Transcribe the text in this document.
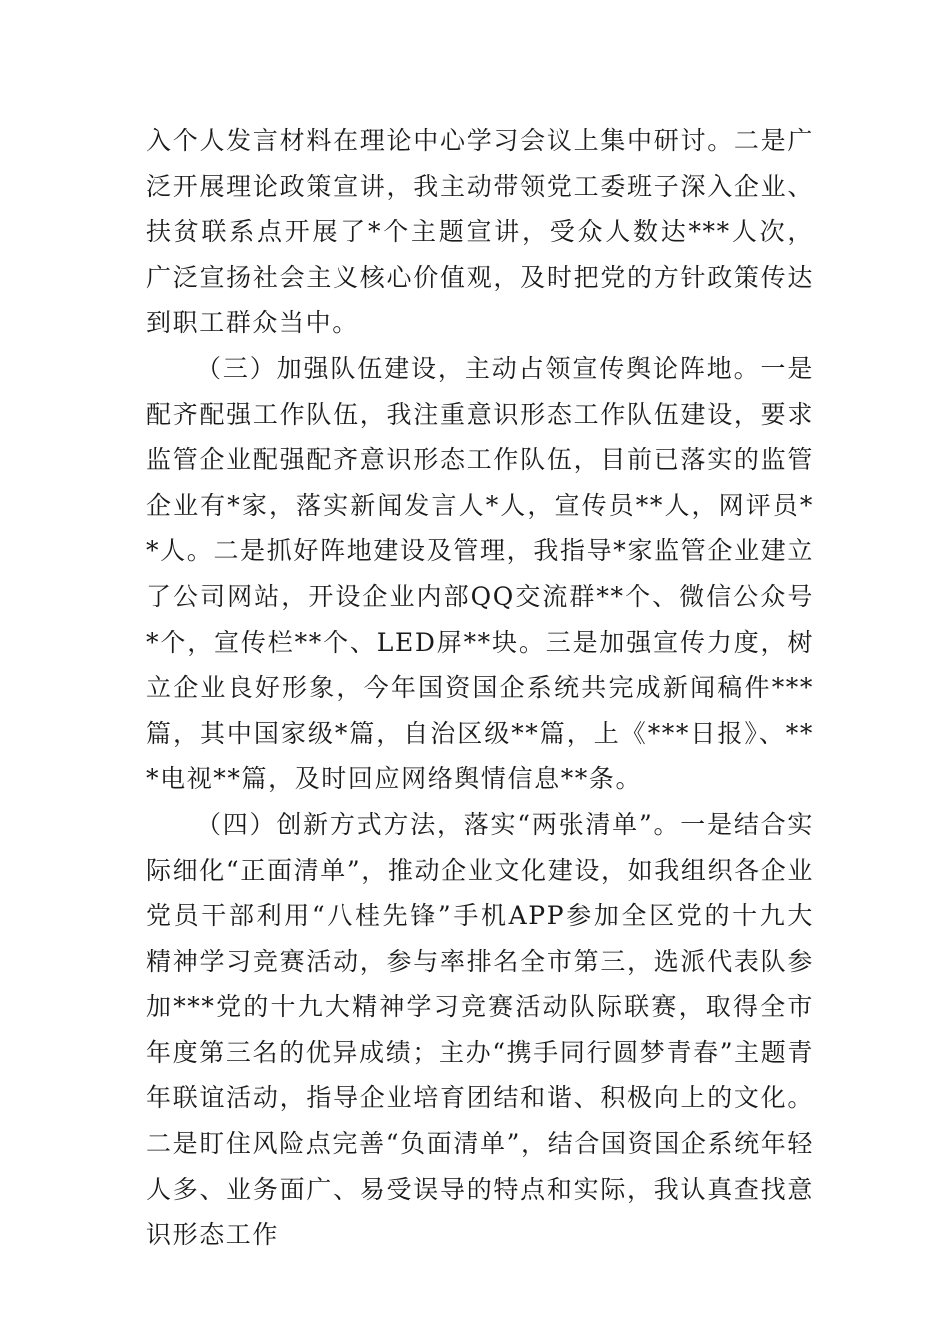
入个人发言材料在理论中心学习会议上集中研讨。二是广泛开展理论政策宣讲，我主动带领党工委班子深入企业、扶贫联系点开展了*个主题宣讲，受众人数达***人次，广泛宣扬社会主义核心价值观，及时把党的方针政策传达到职工群众当中。

（三）加强队伍建设，主动占领宣传舆论阵地。一是配齐配强工作队伍，我注重意识形态工作队伍建设，要求监管企业配强配齐意识形态工作队伍，目前已落实的监管企业有*家，落实新闻发言人*人，宣传员**人，网评员**人。二是抓好阵地建设及管理，我指导*家监管企业建立了公司网站，开设企业内部QQ交流群**个、微信公众号*个，宣传栏**个、LED屏**块。三是加强宣传力度，树立企业良好形象，今年国资国企系统共完成新闻稿件***篇，其中国家级*篇，自治区级**篇，上《***日报》、***电视**篇，及时回应网络舆情信息**条。

（四）创新方式方法，落实“两张清单”。一是结合实际细化“正面清单”，推动企业文化建设，如我组织各企业党员干部利用“八桂先锋”手机APP参加全区党的十九大精神学习竞赛活动，参与率排名全市第三，选派代表队参加***党的十九大精神学习竞赛活动队际联赛，取得全市年度第三名的优异成绩；主办“携手同行圆梦青春”主题青年联谊活动，指导企业培育团结和谐、积极向上的文化。二是盯住风险点完善“负面清单”，结合国资国企系统年轻人多、业务面广、易受误导的特点和实际，我认真查找意识形态工作
